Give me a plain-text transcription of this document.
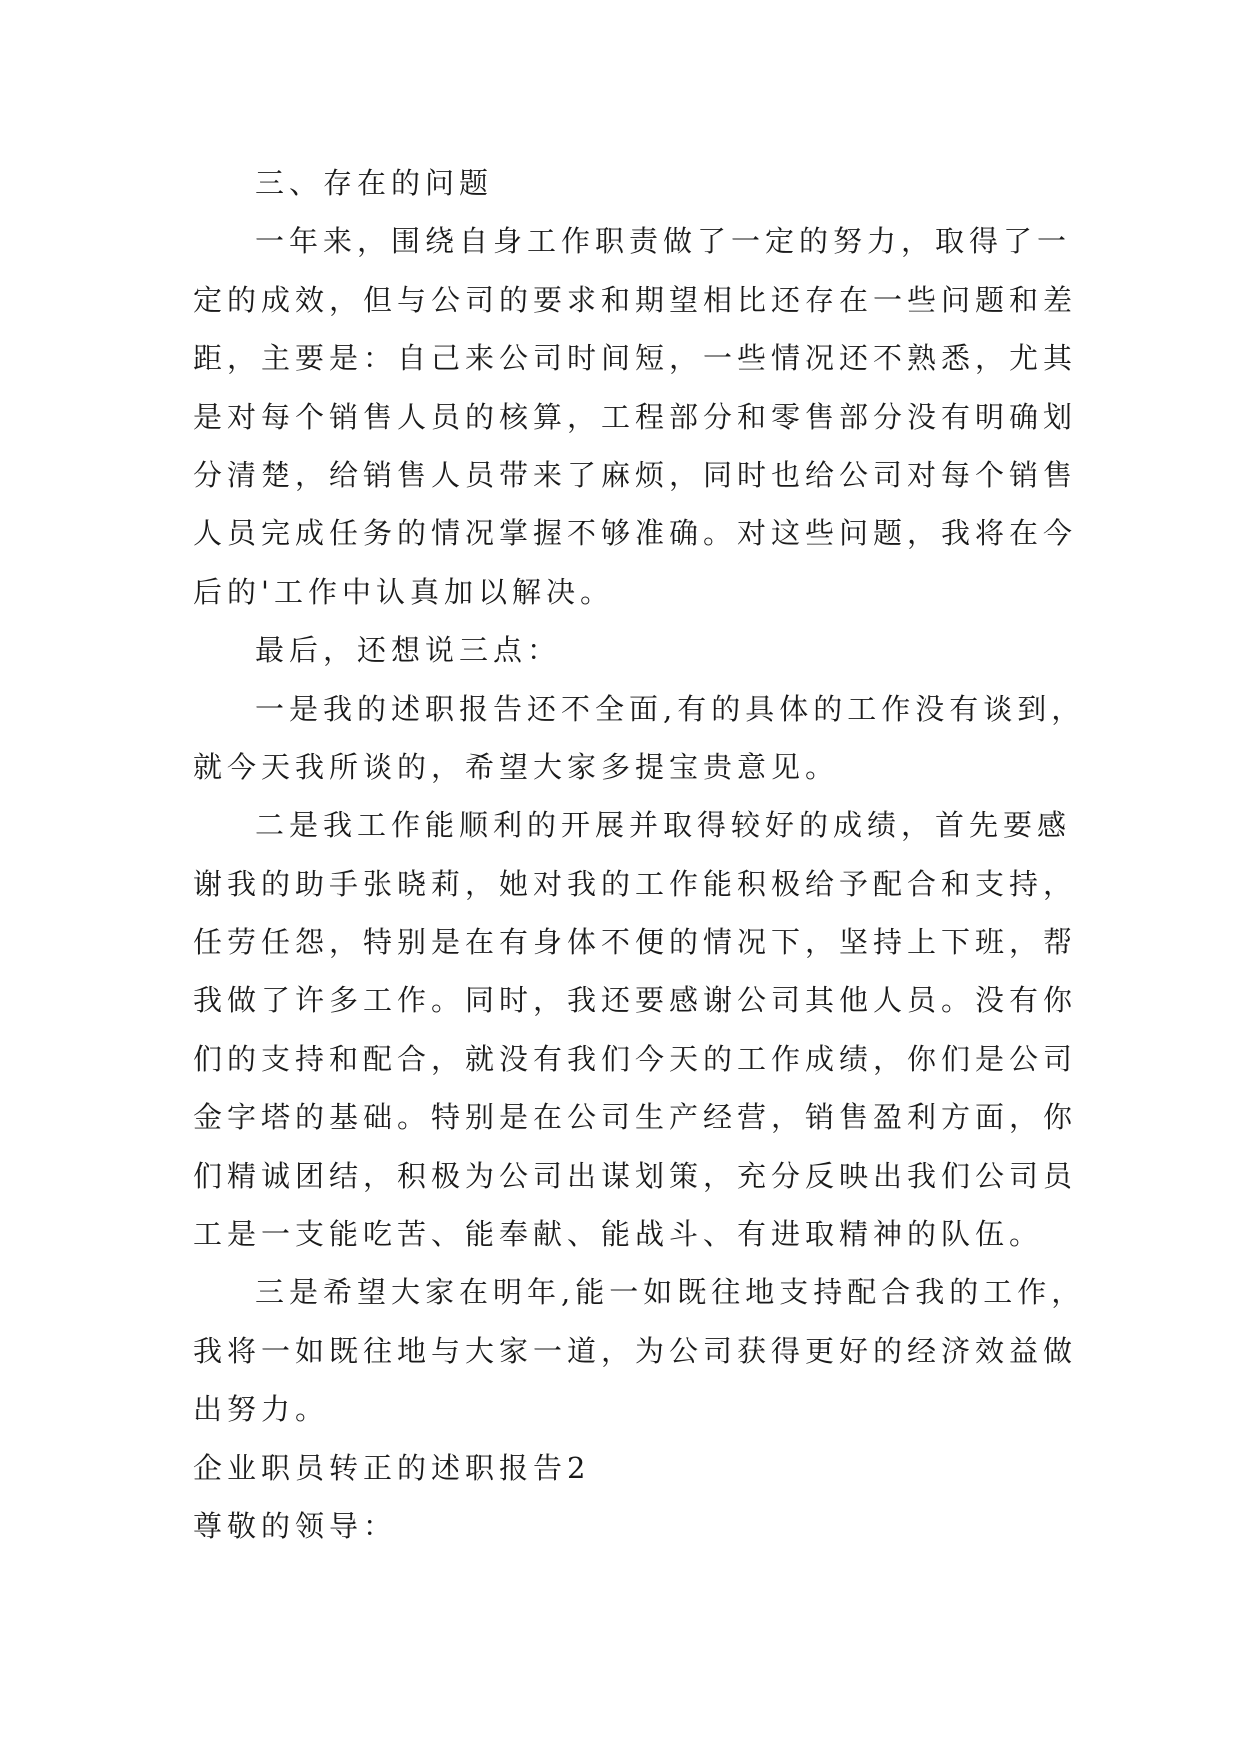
三、存在的问题
一年来，围绕自身工作职责做了一定的努力，取得了一
定的成效，但与公司的要求和期望相比还存在一些问题和差
距，主要是：自己来公司时间短，一些情况还不熟悉，尤其
是对每个销售人员的核算，工程部分和零售部分没有明确划
分清楚，给销售人员带来了麻烦，同时也给公司对每个销售
人员完成任务的情况掌握不够准确。对这些问题，我将在今
后的'工作中认真加以解决。
最后，还想说三点：
一是我的述职报告还不全面,有的具体的工作没有谈到，
就今天我所谈的，希望大家多提宝贵意见。
二是我工作能顺利的开展并取得较好的成绩，首先要感
谢我的助手张晓莉，她对我的工作能积极给予配合和支持，
任劳任怨，特别是在有身体不便的情况下，坚持上下班，帮
我做了许多工作。同时，我还要感谢公司其他人员。没有你
们的支持和配合，就没有我们今天的工作成绩，你们是公司
金字塔的基础。特别是在公司生产经营，销售盈利方面，你
们精诚团结，积极为公司出谋划策，充分反映出我们公司员
工是一支能吃苦、能奉献、能战斗、有进取精神的队伍。
三是希望大家在明年,能一如既往地支持配合我的工作，
我将一如既往地与大家一道，为公司获得更好的经济效益做
出努力。
企业职员转正的述职报告2
尊敬的领导：
